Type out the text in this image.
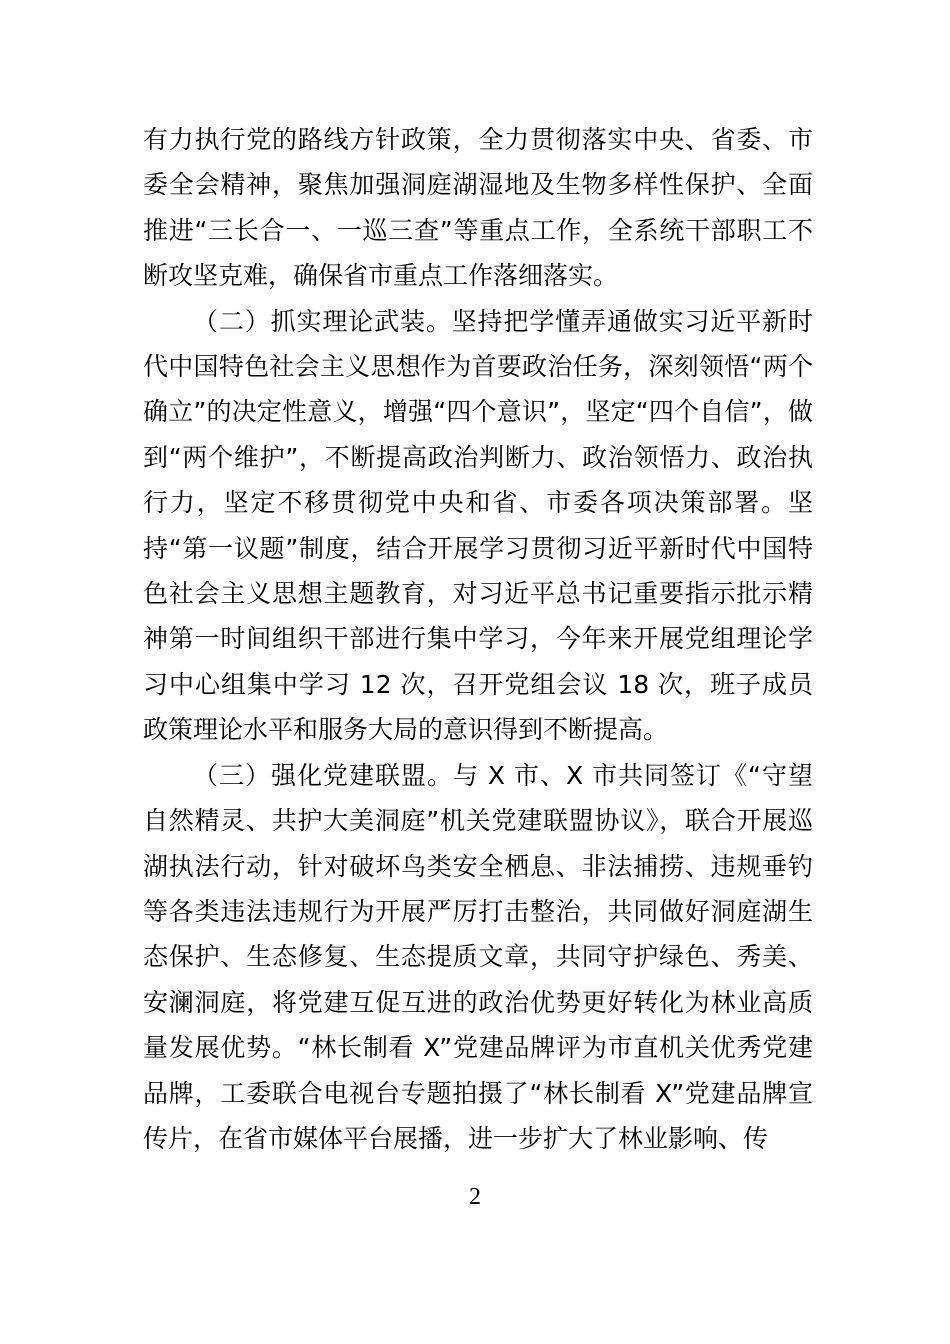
有力执行党的路线方针政策，全力贯彻落实中央、省委、市委全会精神，聚焦加强洞庭湖湿地及生物多样性保护、全面推进“三长合一、一巡三查”等重点工作，全系统干部职工不断攻坚克难，确保省市重点工作落细落实。

（二）抓实理论武装。坚持把学懂弄通做实习近平新时代中国特色社会主义思想作为首要政治任务，深刻领悟“两个确立”的决定性意义，增强“四个意识”，坚定“四个自信”，做到“两个维护”，不断提高政治判断力、政治领悟力、政治执行力，坚定不移贯彻党中央和省、市委各项决策部署。坚持“第一议题”制度，结合开展学习贯彻习近平新时代中国特色社会主义思想主题教育，对习近平总书记重要指示批示精神第一时间组织干部进行集中学习，今年来开展党组理论学习中心组集中学习 12 次，召开党组会议 18 次，班子成员政策理论水平和服务大局的意识得到不断提高。

（三）强化党建联盟。与 X 市、X 市共同签订《“守望自然精灵、共护大美洞庭”机关党建联盟协议》，联合开展巡湖执法行动，针对破坏鸟类安全栖息、非法捕捞、违规垂钓等各类违法违规行为开展严厉打击整治，共同做好洞庭湖生态保护、生态修复、生态提质文章，共同守护绿色、秀美、安澜洞庭，将党建互促互进的政治优势更好转化为林业高质量发展优势。“林长制看 X”党建品牌评为市直机关优秀党建品牌，工委联合电视台专题拍摄了“林长制看 X”党建品牌宣传片，在省市媒体平台展播，进一步扩大了林业影响、传

2
